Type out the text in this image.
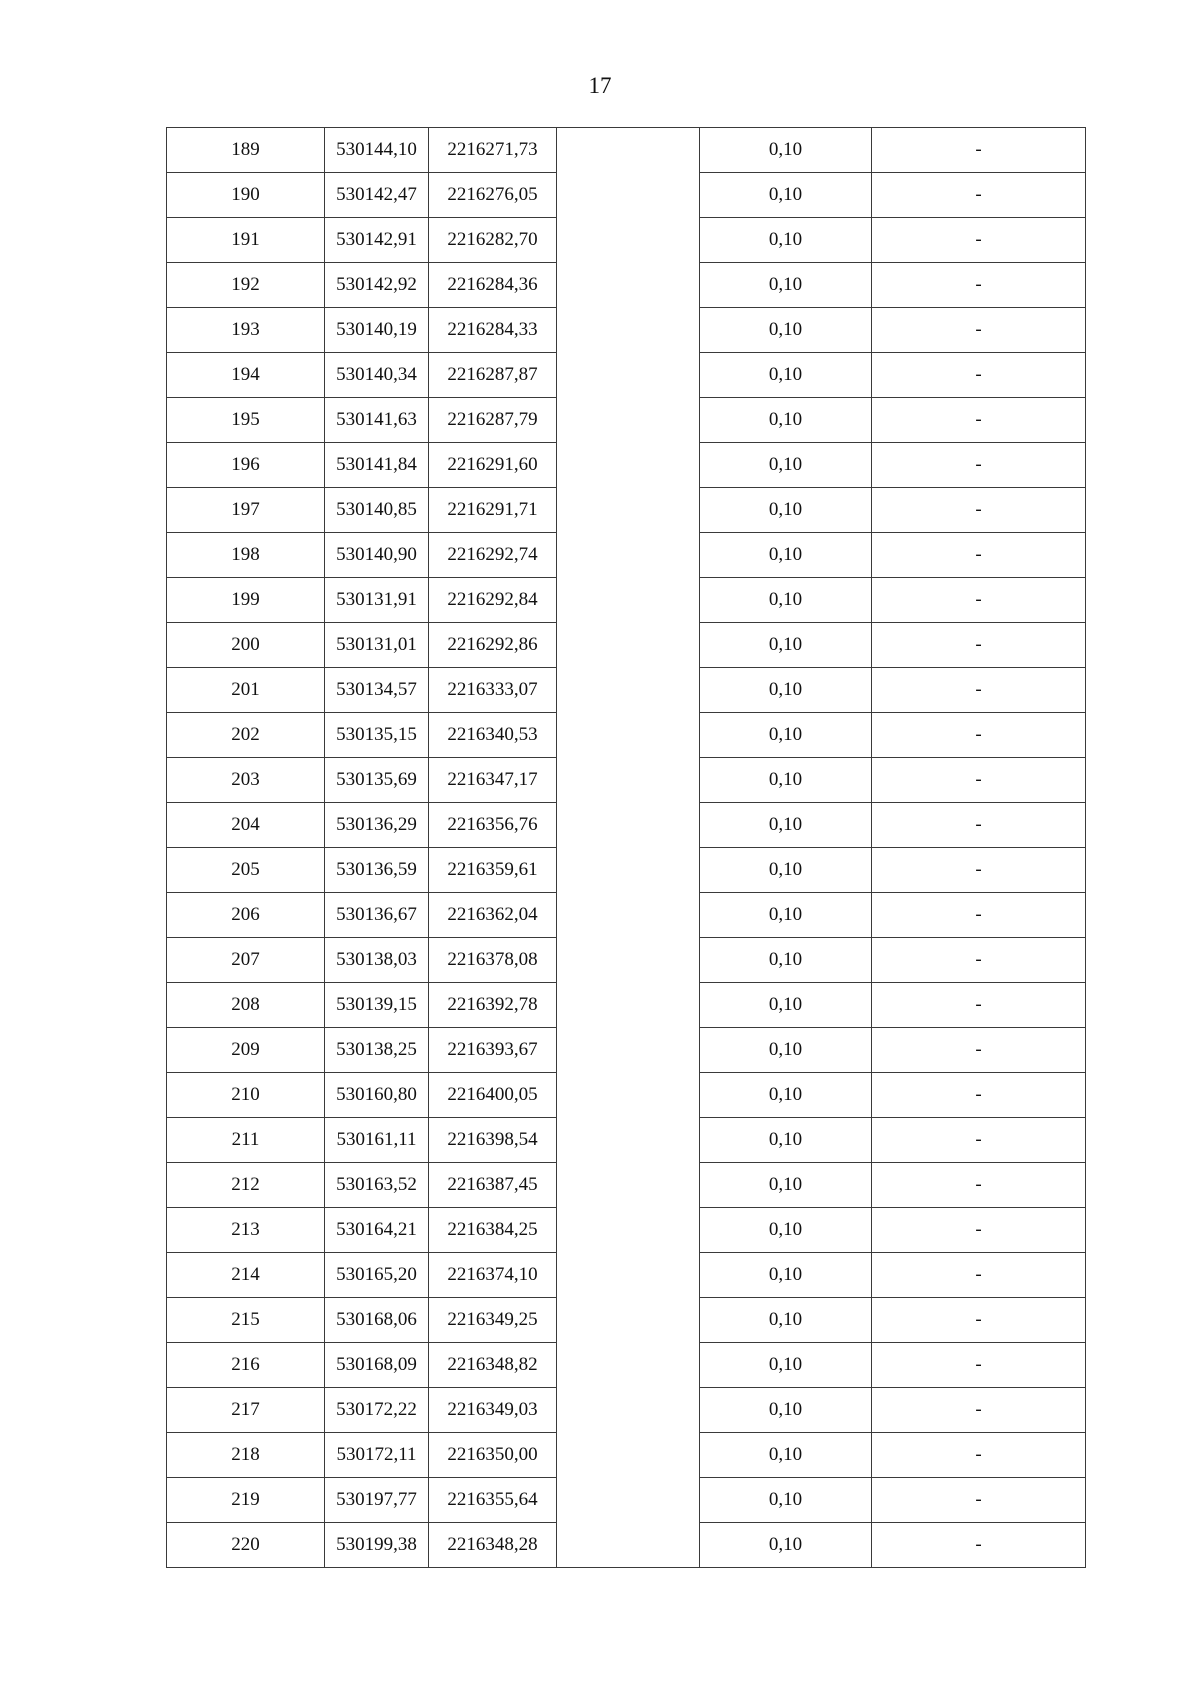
17
189	530144,10	2216271,73		0,10	-
190	530142,47	2216276,05		0,10	-
191	530142,91	2216282,70		0,10	-
192	530142,92	2216284,36		0,10	-
193	530140,19	2216284,33		0,10	-
194	530140,34	2216287,87		0,10	-
195	530141,63	2216287,79		0,10	-
196	530141,84	2216291,60		0,10	-
197	530140,85	2216291,71		0,10	-
198	530140,90	2216292,74		0,10	-
199	530131,91	2216292,84		0,10	-
200	530131,01	2216292,86		0,10	-
201	530134,57	2216333,07		0,10	-
202	530135,15	2216340,53		0,10	-
203	530135,69	2216347,17		0,10	-
204	530136,29	2216356,76		0,10	-
205	530136,59	2216359,61		0,10	-
206	530136,67	2216362,04		0,10	-
207	530138,03	2216378,08		0,10	-
208	530139,15	2216392,78		0,10	-
209	530138,25	2216393,67		0,10	-
210	530160,80	2216400,05		0,10	-
211	530161,11	2216398,54		0,10	-
212	530163,52	2216387,45		0,10	-
213	530164,21	2216384,25		0,10	-
214	530165,20	2216374,10		0,10	-
215	530168,06	2216349,25		0,10	-
216	530168,09	2216348,82		0,10	-
217	530172,22	2216349,03		0,10	-
218	530172,11	2216350,00		0,10	-
219	530197,77	2216355,64		0,10	-
220	530199,38	2216348,28		0,10	-
